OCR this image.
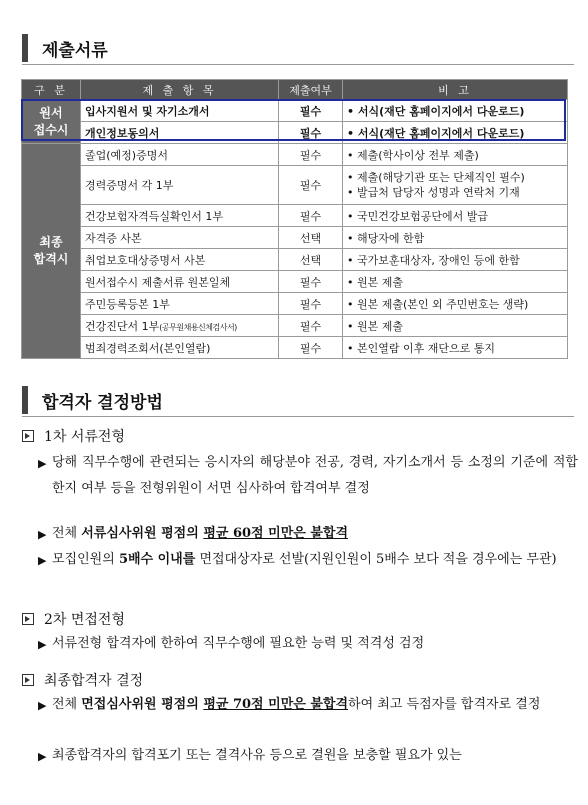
제출서류
구 분	제 출 항 목	제출여부	비 고
원서
접수시	입사지원서 및 자기소개서	필수	• 서식(재단 홈페이지에서 다운로드)
	개인정보동의서	필수	• 서식(재단 홈페이지에서 다운로드)
최종
합격시	졸업(예정)증명서	필수	• 제출(학사이상 전부 제출)
	경력증명서 각 1부	필수	• 제출(해당기관 또는 단체직인 필수)
• 발급처 담당자 성명과 연락처 기재

	건강보험자격득실확인서 1부	필수	• 국민건강보험공단에서 발급
	자격증 사본	선택	• 해당자에 한함
	취업보호대상증명서 사본	선택	• 국가보훈대상자, 장애인 등에 한함
	원서접수시 제출서류 원본일체	필수	• 원본 제출
	주민등록등본 1부	필수	• 원본 제출(본인 외 주민번호는 생략)
	건강진단서 1부(공무원채용신체검사서)	필수	• 원본 제출
	범죄경력조회서(본인열람)	필수	• 본인열람 이후 재단으로 통지
합격자 결정방법
1차 서류전형
▶ 당해 직무수행에 관련되는 응시자의 해당분야 전공, 경력, 자기소개서 등 소정의 기준에 적합한지 여부 등을 전형위원이 서면 심사하여 합격여부 결정
▶ 전체 서류심사위원 평점의 평균 60점 미만은 불합격
▶ 모집인원의 5배수 이내를 면접대상자로 선발(지원인원이 5배수 보다 적을 경우에는 무관)
2차 면접전형
▶ 서류전형 합격자에 한하여 직무수행에 필요한 능력 및 적격성 검정
최종합격자 결정
▶ 전체 면접심사위원 평점의 평균 70점 미만은 불합격하여 최고 득점자를 합격자로 결정
▶ 최종합격자의 합격포기 또는 결격사유 등으로 결원을 보충할 필요가 있는
